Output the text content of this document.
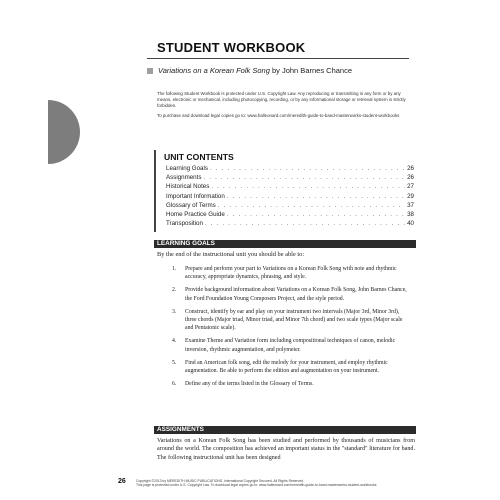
STUDENT WORKBOOK
Variations on a Korean Folk Song by John Barnes Chance

The following Student Workbook is protected under U.S. Copyright Law. Any reproducing or transmitting in any form or by any means, electronic or mechanical, including photocopying, recording, or by any informational storage or retrieval system is strictly forbidden.

To purchase and download legal copies go to: www.halleonard.com/meredith-guide-to-band-masterworks-student-workbooks

UNIT CONTENTS
Learning Goals . . .	26
Assignments . . .	26
Historical Notes . . .	27
Important Information . . .	29
Glossary of Terms . . .	37
Home Practice Guide . . .	38
Transposition . . .	40
LEARNING GOALS
By the end of the instructional unit you should be able to:
1. Prepare and perform your part to Variations on a Korean Folk Song with note and rhythmic accuracy, appropriate dynamics, phrasing, and style.
2. Provide background information about Variations on a Korean Folk Song, John Barnes Chance, the Ford Foundation Young Composers Project, and the style period.
3. Construct, identify by ear and play on your instrument two intervals (Major 3rd, Minor 3rd), three chords (Major triad, Minor triad, and Minor 7th chord) and two scale types (Major scale and Pentatonic scale).
4. Examine Theme and Variation form including compositional techniques of canon, melodic inversion, rhythmic augmentation, and polymeter.
5. Find an American folk song, edit the melody for your instrument, and employ rhythmic augmentation. Be able to perform the edition and augmentation on your instrument.
6. Define any of the terms listed in the Glossary of Terms.
ASSIGNMENTS
Variations on a Korean Folk Song has been studied and performed by thousands of musicians from around the world. The composition has achieved an important status in the "standard" literature for band. The following instructional unit has been designed
26	Copyright ©2013 by MEREDITH MUSIC PUBLICATIONS. International Copyright Secured. All Rights Reserved.
This page is protected under U.S. Copyright Law. To download legal copies go to: www.halleonard.com/meredith-guide-to-band-masterworks-student-workbooks
